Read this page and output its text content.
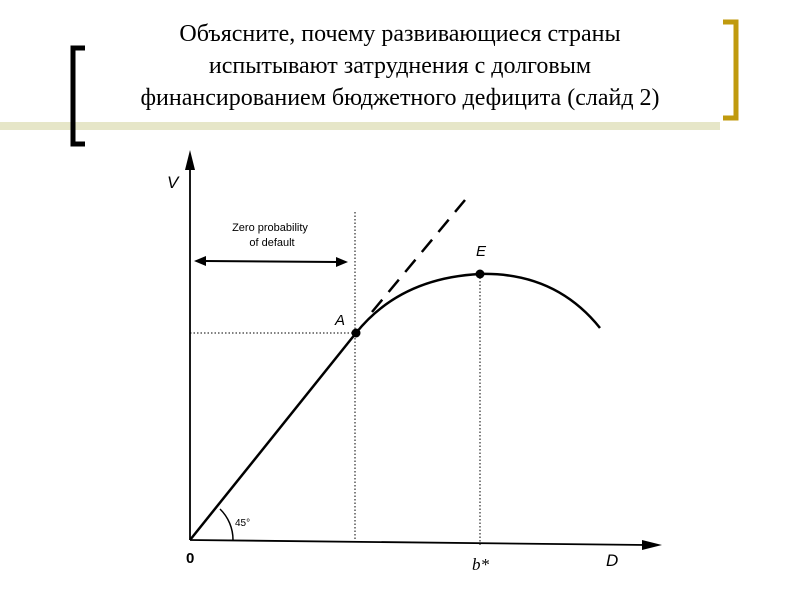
V
D
0
45°
Zero probability
of default
A
E
b*
Объясните, почему развивающиеся страны
испытывают затруднения с долговым
финансированием бюджетного дефицита (слайд 2)
